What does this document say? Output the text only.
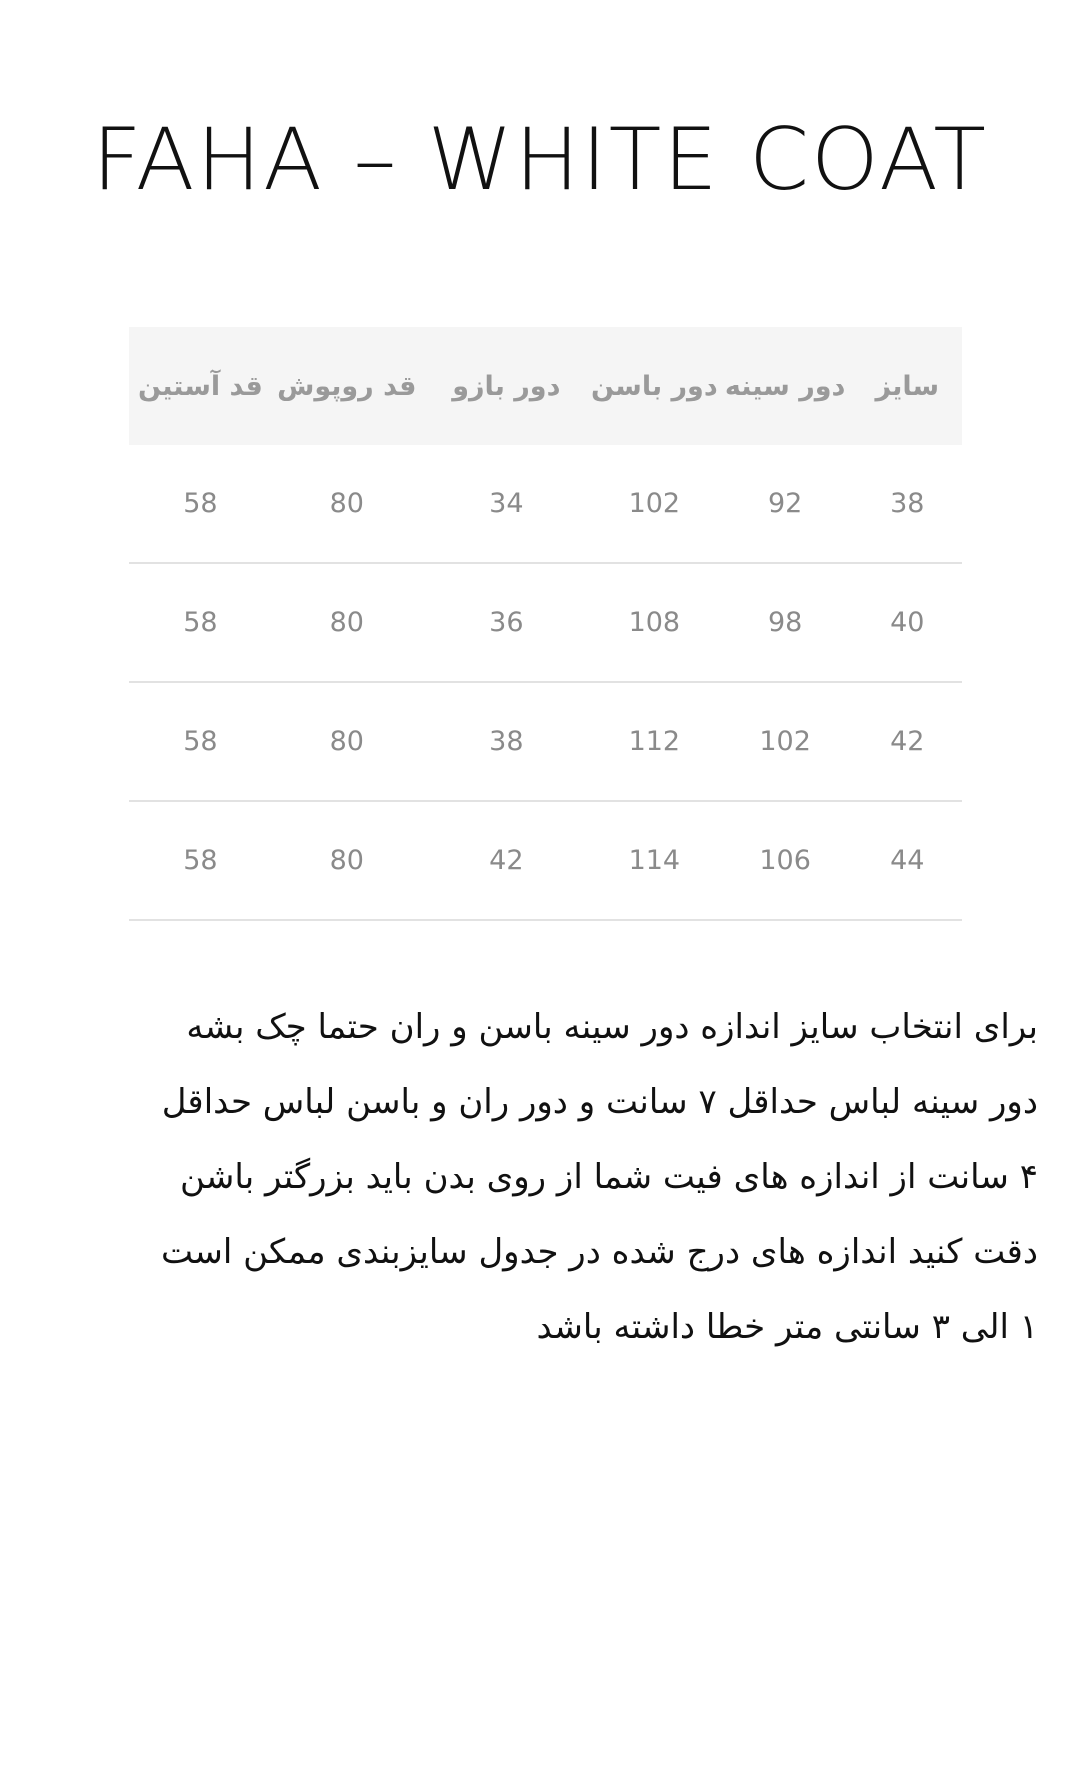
FAHA – WHITE COAT
سایز	دور سینه	دور باسن	دور بازو	قد روپوش	قد آستین
38	92	102	34	80	58
40	98	108	36	80	58
42	102	112	38	80	58
44	106	114	42	80	58
برای انتخاب سایز اندازه دور سینه باسن و ران حتما چک بشه
دور سینه لباس حداقل ۷ سانت و دور ران و باسن لباس حداقل
۴ سانت از اندازه های فیت شما از روی بدن باید بزرگتر باشن
دقت کنید اندازه های درج شده در جدول سایزبندی ممکن است
۱ الی ۳ سانتی متر خطا داشته باشد
